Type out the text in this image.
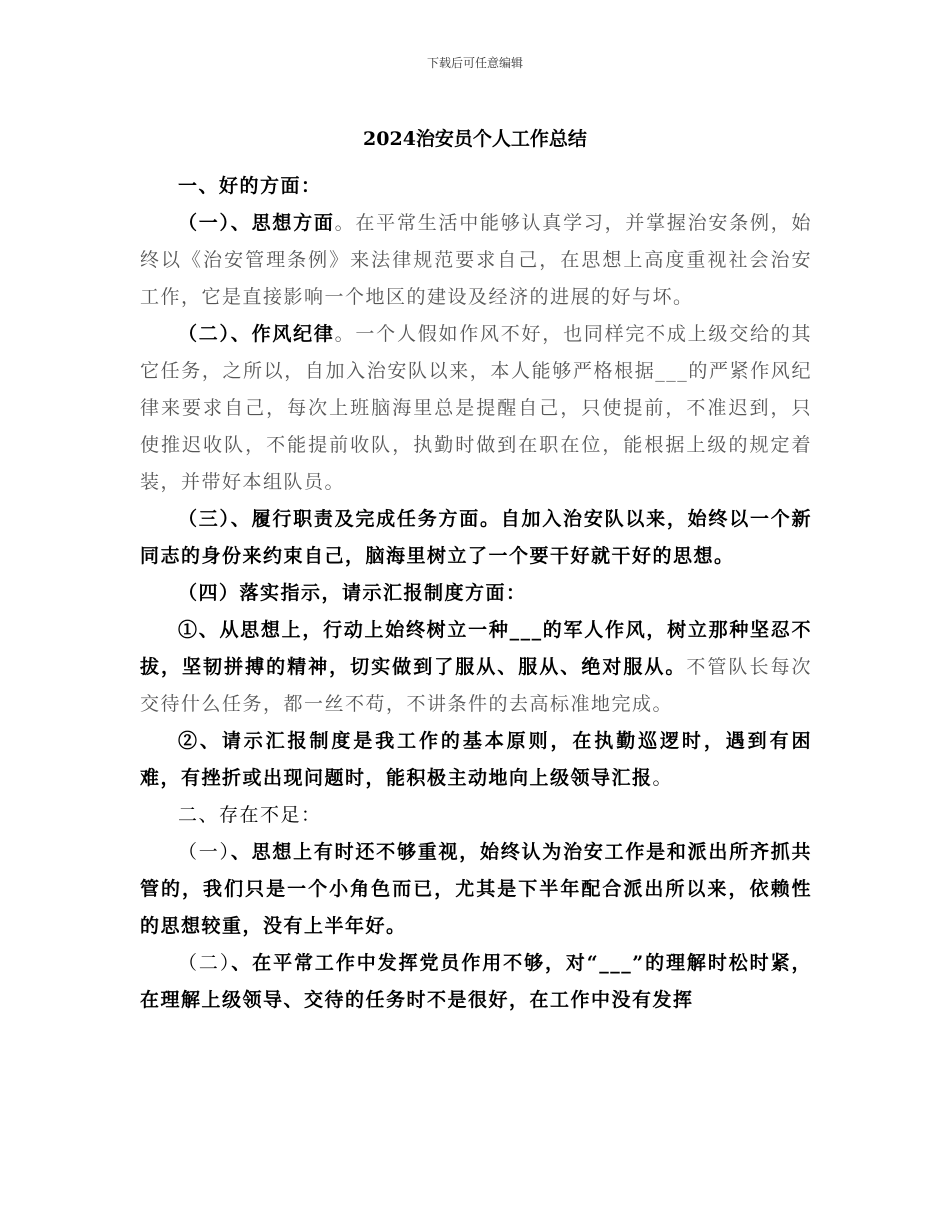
下载后可任意编辑
2024治安员个人工作总结

一、好的方面：

（一）、思想方面。在平常生活中能够认真学习，并掌握治安条例，始终以《治安管理条例》来法律规范要求自己，在思想上高度重视社会治安工作，它是直接影响一个地区的建设及经济的进展的好与坏。

（二）、作风纪律。一个人假如作风不好，也同样完不成上级交给的其它任务，之所以，自加入治安队以来，本人能够严格根据___的严紧作风纪律来要求自己，每次上班脑海里总是提醒自己，只使提前，不准迟到，只使推迟收队，不能提前收队，执勤时做到在职在位，能根据上级的规定着装，并带好本组队员。

（三）、履行职责及完成任务方面。自加入治安队以来，始终以一个新同志的身份来约束自己，脑海里树立了一个要干好就干好的思想。

（四）落实指示，请示汇报制度方面：

①、从思想上，行动上始终树立一种___的军人作风，树立那种坚忍不拔，坚韧拼搏的精神，切实做到了服从、服从、绝对服从。不管队长每次交待什么任务，都一丝不苟，不讲条件的去高标准地完成。

②、请示汇报制度是我工作的基本原则，在执勤巡逻时，遇到有困难，有挫折或出现问题时，能积极主动地向上级领导汇报。

二、存在不足：

（一）、思想上有时还不够重视，始终认为治安工作是和派出所齐抓共管的，我们只是一个小角色而已，尤其是下半年配合派出所以来，依赖性的思想较重，没有上半年好。

（二）、在平常工作中发挥党员作用不够，对“___”的理解时松时紧，在理解上级领导、交待的任务时不是很好，在工作中没有发挥
